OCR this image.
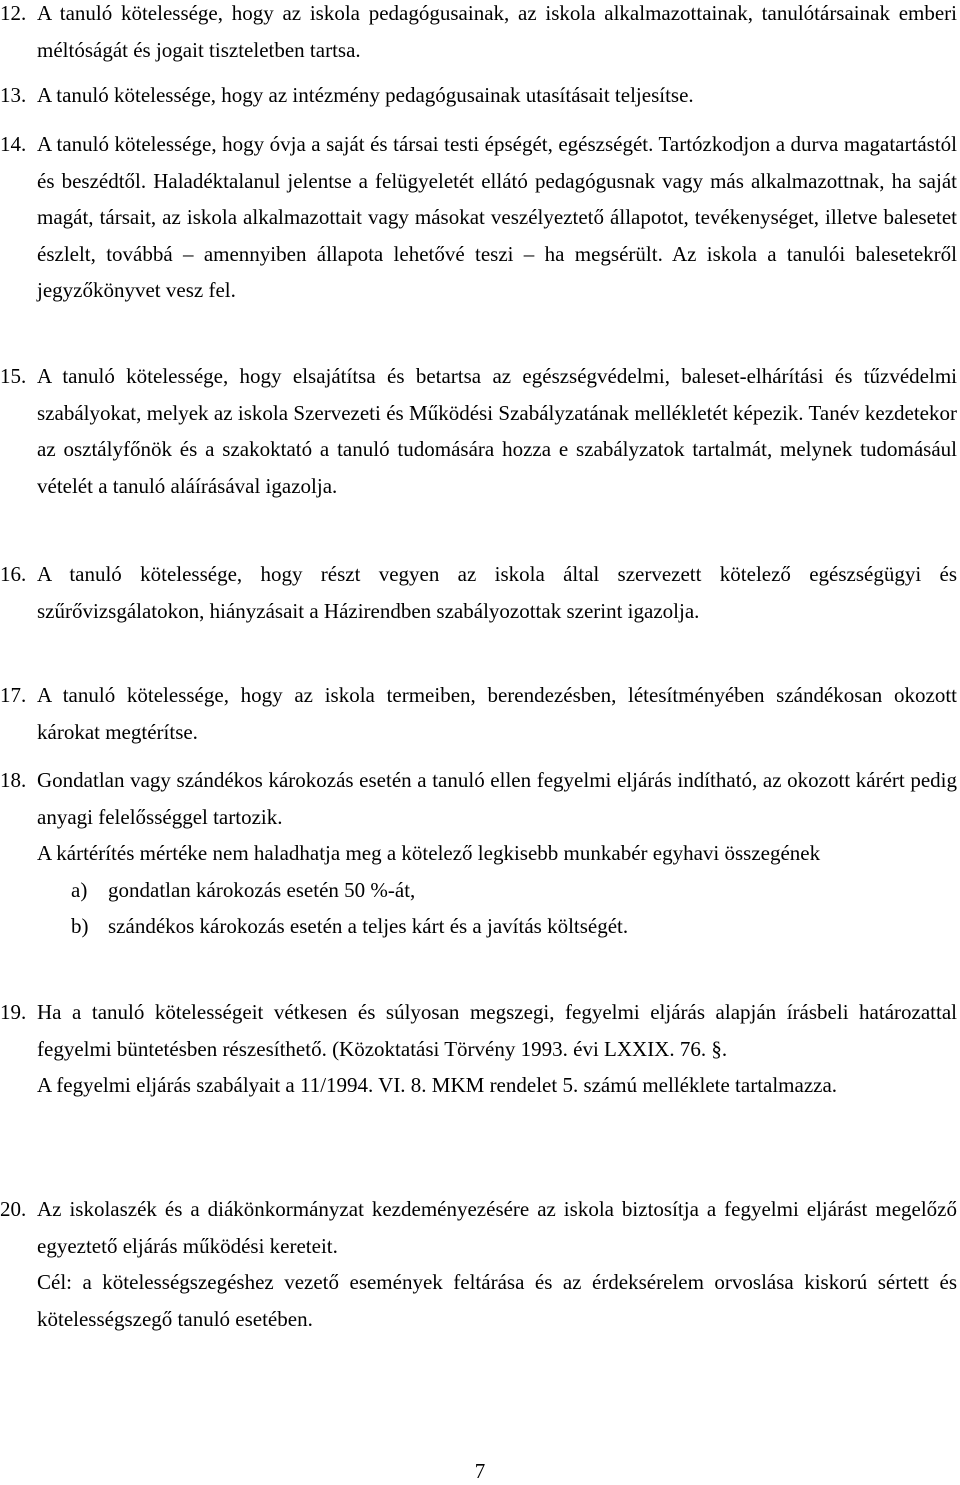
12. A tanuló kötelessége, hogy az iskola pedagógusainak, az iskola alkalmazottainak, tanulótársainak emberi méltóságát és jogait tiszteletben tartsa.

13. A tanuló kötelessége, hogy az intézmény pedagógusainak utasításait teljesítse.

14. A tanuló kötelessége, hogy óvja a saját és társai testi épségét, egészségét. Tartózkodjon a durva magatartástól és beszédtől. Haladéktalanul jelentse a felügyeletét ellátó pedagógusnak vagy más alkalmazottnak, ha saját magát, társait, az iskola alkalmazottait vagy másokat veszélyeztető állapotot, tevékenységet, illetve balesetet észlelt, továbbá – amennyiben állapota lehetővé teszi – ha megsérült. Az iskola a tanulói balesetekről jegyzőkönyvet vesz fel.

15. A tanuló kötelessége, hogy elsajátítsa és betartsa az egészségvédelmi, baleset-elhárítási és tűzvédelmi szabályokat, melyek az iskola Szervezeti és Működési Szabályzatának mellékletét képezik. Tanév kezdetekor az osztályfőnök és a szakoktató a tanuló tudomására hozza e szabályzatok tartalmát, melynek tudomásául vételét a tanuló aláírásával igazolja.

16. A tanuló kötelessége, hogy részt vegyen az iskola által szervezett kötelező egészségügyi és szűrővizsgálatokon, hiányzásait a Házirendben szabályozottak szerint igazolja.

17. A tanuló kötelessége, hogy az iskola termeiben, berendezésben, létesítményében szándékosan okozott károkat megtérítse.

18. Gondatlan vagy szándékos károkozás esetén a tanuló ellen fegyelmi eljárás indítható, az okozott kárért pedig anyagi felelősséggel tartozik.

A kártérítés mértéke nem haladhatja meg a kötelező legkisebb munkabér egyhavi összegének

a) gondatlan károkozás esetén 50 %-át,
b) szándékos károkozás esetén a teljes kárt és a javítás költségét.
19. Ha a tanuló kötelességeit vétkesen és súlyosan megszegi, fegyelmi eljárás alapján írásbeli határozattal fegyelmi büntetésben részesíthető. (Közoktatási Törvény 1993. évi LXXIX. 76. §.

A fegyelmi eljárás szabályait a 11/1994. VI. 8. MKM rendelet 5. számú melléklete tartalmazza.

20. Az iskolaszék és a diákönkormányzat kezdeményezésére az iskola biztosítja a fegyelmi eljárást megelőző egyeztető eljárás működési kereteit.

Cél: a kötelességszegéshez vezető események feltárása és az érdeksérelem orvoslása kiskorú sértett és kötelességszegő tanuló esetében.

7
